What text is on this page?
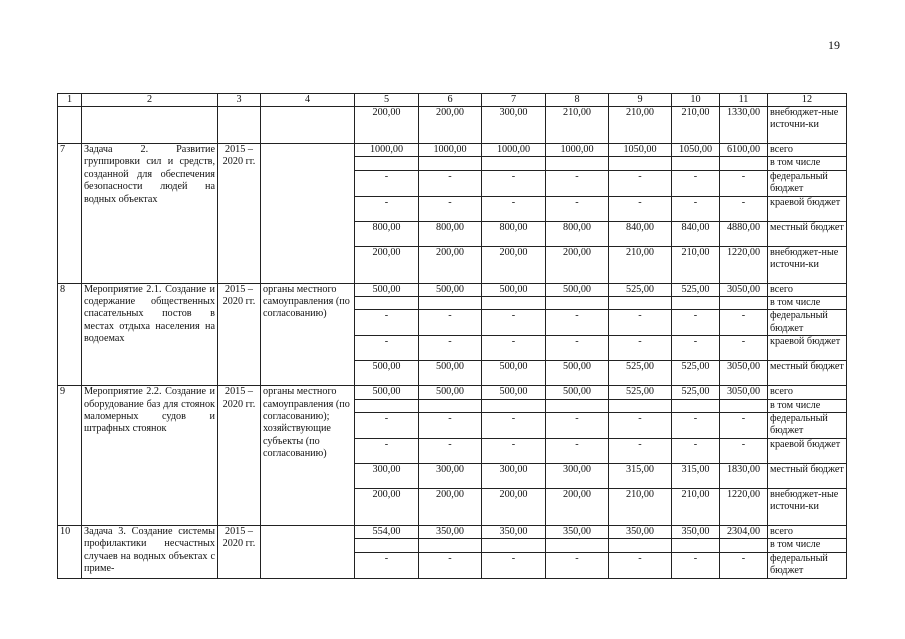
19
1	2	3	4	5	6	7	8	9	10	11	12
				200,00	200,00	300,00	210,00	210,00	210,00	1330,00	внебюджет-ные источни-ки
7	Задача 2. Развитие группировки сил и средств, созданной для обеспечения безопасности людей на водных объектах	2015 – 2020 гг.		1000,00	1000,00	1000,00	1000,00	1050,00	1050,00	6100,00	всего
											в том числе
				-	-	-	-	-	-	-	федеральный бюджет
				-	-	-	-	-	-	-	краевой бюджет
				800,00	800,00	800,00	800,00	840,00	840,00	4880,00	местный бюджет
				200,00	200,00	200,00	200,00	210,00	210,00	1220,00	внебюджет-ные источни-ки
8	Мероприятие 2.1. Создание и содержание общественных спасательных постов в местах отдыха населения на водоемах	2015 – 2020 гг.	органы местного самоуправления (по согласованию)	500,00	500,00	500,00	500,00	525,00	525,00	3050,00	всего
											в том числе
				-	-	-	-	-	-	-	федеральный бюджет
				-	-	-	-	-	-	-	краевой бюджет
				500,00	500,00	500,00	500,00	525,00	525,00	3050,00	местный бюджет
9	Мероприятие 2.2. Создание и оборудование баз для стоянок маломерных судов и штрафных стоянок	2015 – 2020 гг.	органы местного самоуправления (по согласованию); хозяйствующие субъекты (по согласованию)	500,00	500,00	500,00	500,00	525,00	525,00	3050,00	всего
											в том числе
				-	-	-	-	-	-	-	федеральный бюджет
				-	-	-	-	-	-	-	краевой бюджет
				300,00	300,00	300,00	300,00	315,00	315,00	1830,00	местный бюджет
				200,00	200,00	200,00	200,00	210,00	210,00	1220,00	внебюджет-ные источни-ки
10	Задача 3. Создание системы профилактики несчастных случаев на водных объектах с приме-	2015 – 2020 гг.		554,00	350,00	350,00	350,00	350,00	350,00	2304,00	всего
											в том числе
				-	-	-	-	-	-	-	федеральный бюджет
